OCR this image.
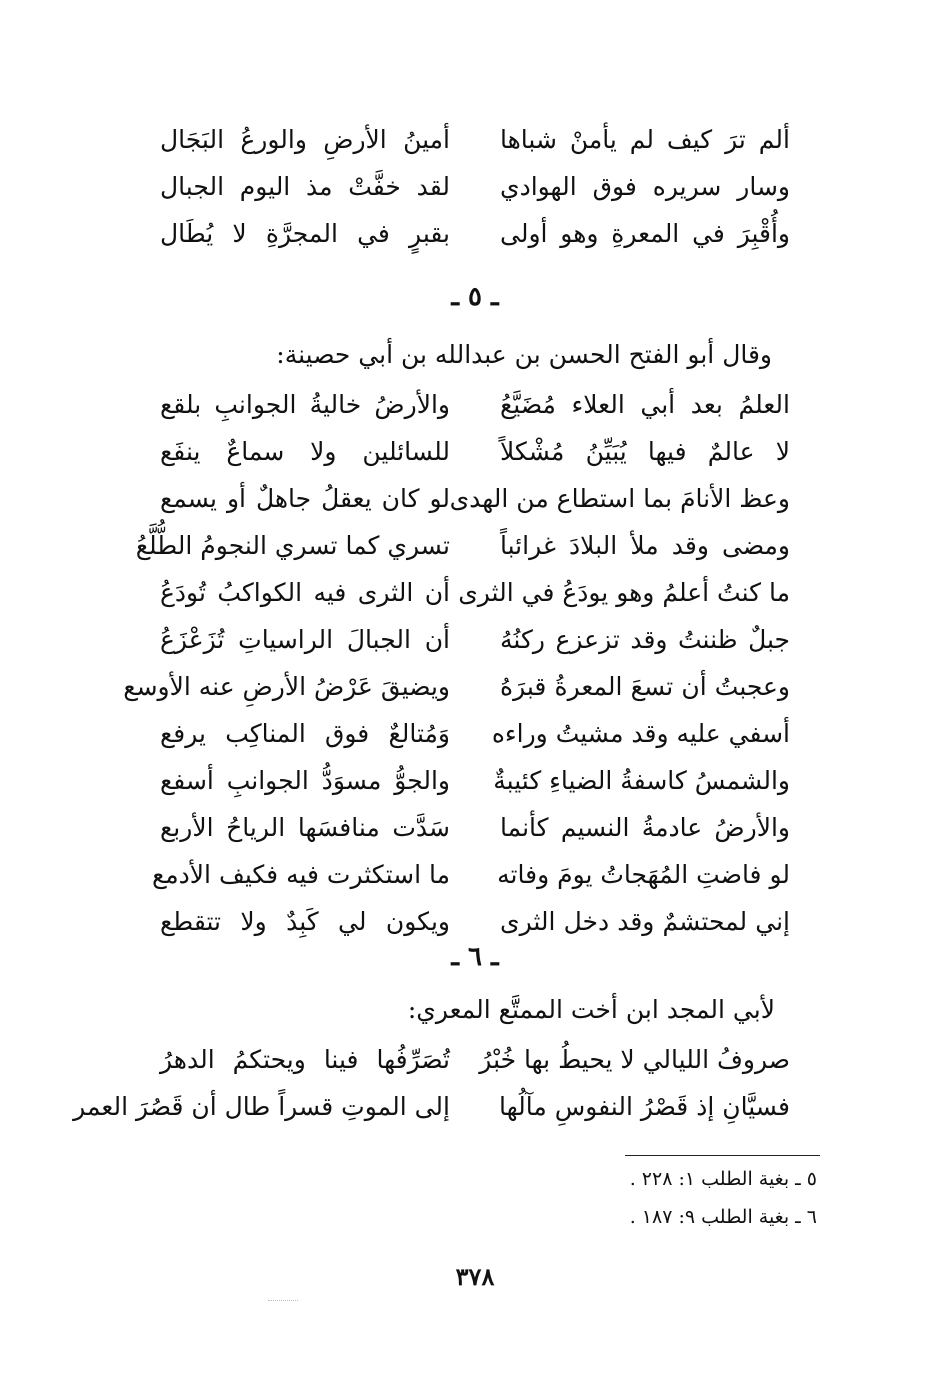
ألم ترَ كيف لم يأمنْ شباها
أمينُ الأرضِ والورعُ البَجَال
وسار سريره فوق الهوادي
لقد خفَّتْ مذ اليوم الجبال
وأُقْبِرَ في المعرةِ وهو أولى
بقبرٍ في المجرَّةِ لا يُطَال
ـ ٥ ـ
وقال أبو الفتح الحسن بن عبدالله بن أبي حصينة:
العلمُ بعد أبي العلاء مُضَيَّعُ
والأرضُ خاليةُ الجوانبِ بلقع
لا عالمٌ فيها يُبَيِّنُ مُشْكلاً
للسائلين ولا سماعٌ ينفَع
وعظ الأنامَ بما استطاع من الهدى
لو كان يعقلُ جاهلٌ أو يسمع
ومضى وقد ملأ البلادَ غرائباً
تسري كما تسري النجومُ الطُّلَّعُ
ما كنتُ أعلمُ وهو يودَعُ في الثرى
أن الثرى فيه الكواكبُ تُودَعُ
جبلٌ ظننتُ وقد تزعزع ركنُهُ
أن الجبالَ الراسياتِ تُزَعْزَعُ
وعجبتُ أن تسعَ المعرةُ قبرَهُ
ويضيقَ عَرْضُ الأرضِ عنه الأوسع
أسفي عليه وقد مشيتُ وراءه
وَمُتالعٌ فوق المناكِب يرفع
والشمسُ كاسفةُ الضياءِ كئيبةٌ
والجوُّ مسوَدُّ الجوانبِ أسفع
والأرضُ عادمةُ النسيم كأنما
سَدَّت منافسَها الرياحُ الأربع
لو فاضتِ المُهَجاتُ يومَ وفاته
ما استكثرت فيه فكيف الأدمع
إني لمحتشمٌ وقد دخل الثرى
ويكون لي كَبِدٌ ولا تتقطع
ـ ٦ ـ
لأبي المجد ابن أخت الممتَّع المعري:
صروفُ الليالي لا يحيطُ بها خُبْرُ
تُصَرِّفُها فينا ويحتكمُ الدهرُ
فسيَّانِ إذ قَصْرُ النفوسِ مآلُها
إلى الموتِ قسراً طال أن قَصُرَ العمر
٥ ـ بغية الطلب ١: ٢٢٨ .
٦ ـ بغية الطلب ٩: ١٨٧ .
٣٧٨
